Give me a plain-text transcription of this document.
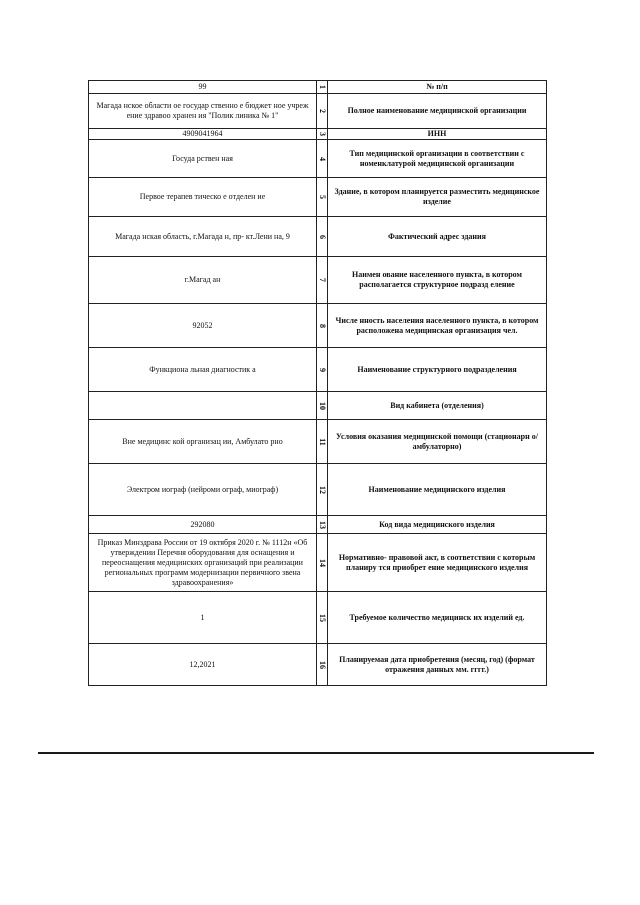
99	1	№ п/п
Магада нское области ое государ ственно е бюджет ное учреж ение здравоо хранен ия "Полик линика № 1"	2	Полное наименование медицинской организации
4909041964	3	ИНН
Госуда рствен ная	4	Тип медицинской организации в соответствии с номенклатурой медицинской организации
Первое терапев тическо е отделен ие	5	Здание, в котором планируется разместить медицинское изделие
Магада нская область, г.Магада н, пр- кт.Лени на, 9	6	Фактический адрес здания
г.Магад ан	7	Наимен ование населенного пункта, в котором располагается структурное подразд еление
92052	8	Числе нность населения населенного пункта, в котором расположена медицинская организация чел.
Функциона льная диагностик а	9	Наименование структурного подразделения
	10	Вид кабинета (отделения)
Вне медицинс кой организац ии, Амбулато рно	11	Условия оказания медицинской помощи (стационарн о/амбулаторно)
Электром иограф (нейроми огpаф, миограф)	12	Наименование медицинского изделия
292080	13	Код вида медицинского изделия
Приказ Минздрава России от 19 октября 2020 г. № 1112н «Об утверждении Перечня оборудования для оснащения и переоснащения медицинских организаций при реализации региональных программ модернизации первичного звена здравоохранения»	14	Нормативно- правовой акт, в соответствии с которым планиру тся приобрет ение медицинского изделия
1	15	Требуемое количество медицинск их изделий ед.
12,2021	16	Планируемая дата приобретения (месяц, год) (формат отражения данных мм. гггг.)
